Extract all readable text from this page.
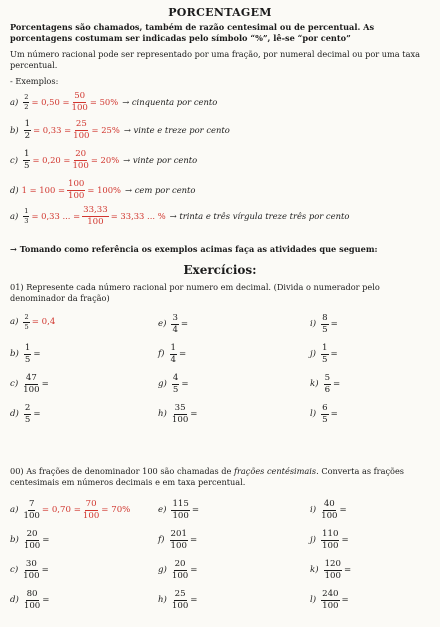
PORCENTAGEM
Porcentagens são chamados, também de razão centesimal ou de percentual. As porcentagens costumam ser indicadas pelo símbolo “%”, lê-se “por cento”
Um número racional pode ser representado por uma fração, por numeral decimal ou por uma taxa percentual.
- Exemplos:
$a) \frac{2}{2} = 0,50 = \frac{50}{100} = 50\%$ → cinquenta por cento
$b) \frac{1}{2} = 0,33 = \frac{25}{100} = 25\%$ → vinte e treze por cento
$c) \frac{1}{5} = 0,20 = \frac{20}{100} = 20\%$ → vinte por cento
d) $1 = 100 = \frac{100}{100} = 100\%$ → cem por cento
$a) \frac{1}{3} = 0,33$ ... = $\frac{33,33}{100} = 33,33$ ... % → trinta e três vírgula treze três por cento
→ Tomando como referência os exemplos acimas faça as atividades que seguem:
Exercícios:
01) Represente cada número racional por numero em decimal. (Divida o numerador pelo denominador da fração)
$a) \frac{2}{5} = 0,4$
$b) \frac{1}{5}$ =
$c) \frac{47}{100}$ =
$d) \frac{2}{5}$ =
$e) \frac{3}{4}$ =
$f) \frac{1}{4}$ =
$g) \frac{4}{5}$ =
$h) \frac{35}{100}$ =
$i) \frac{8}{5}$ =
$j) \frac{1}{5}$ =
$k) \frac{5}{6}$ =
$l) \frac{6}{5}$ =
00) As frações de denominador 100 são chamadas de frações centésimais. Converta as frações centesimais em números decimais e em taxa percentual.
$a) \frac{7}{100} = 0,70 = \frac{70}{100} = 70\%$
$b) \frac{20}{100}$ =
$c) \frac{30}{100}$ =
$d) \frac{80}{100}$ =
$e) \frac{115}{100}$ =
$f) \frac{201}{100}$ =
$g) \frac{20}{100}$ =
$h) \frac{25}{100}$ =
$i) \frac{40}{100}$ =
$j) \frac{110}{100}$ =
$k) \frac{120}{100}$ =
$l) \frac{240}{100}$ =
